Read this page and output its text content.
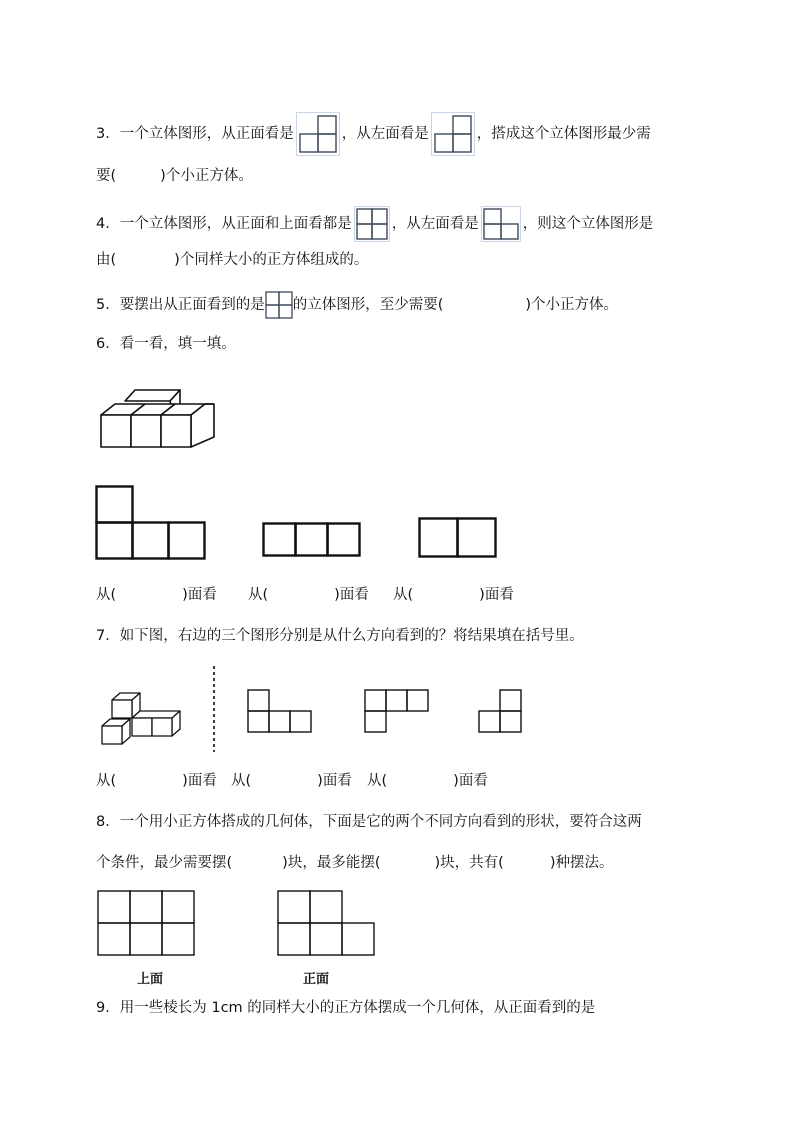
3．一个立体图形，从正面看是	，从左面看是	，搭成这个立体图形最少需
要(	)个小正方体。
4．一个立体图形，从正面和上面看都是	，从左面看是	，则这个立体图形是
由(	)个同样大小的正方体组成的。
5．要摆出从正面看到的是 的立体图形，至少需要(	)个小正方体。
6．看一看，填一填。
从(	)面看 从(	)面看 从(	)面看
7．如下图，右边的三个图形分别是从什么方向看到的？将结果填在括号里。
从(	)面看 从(	)面看 从(	)面看
8．一个用小正方体搭成的几何体，下面是它的两个不同方向看到的形状，要符合这两
个条件，最少需要摆(	)块，最多能摆(	)块，共有(	)种摆法。
上面	正面
9．用一些棱长为 1cm 的同样大小的正方体摆成一个几何体，从正面看到的是
